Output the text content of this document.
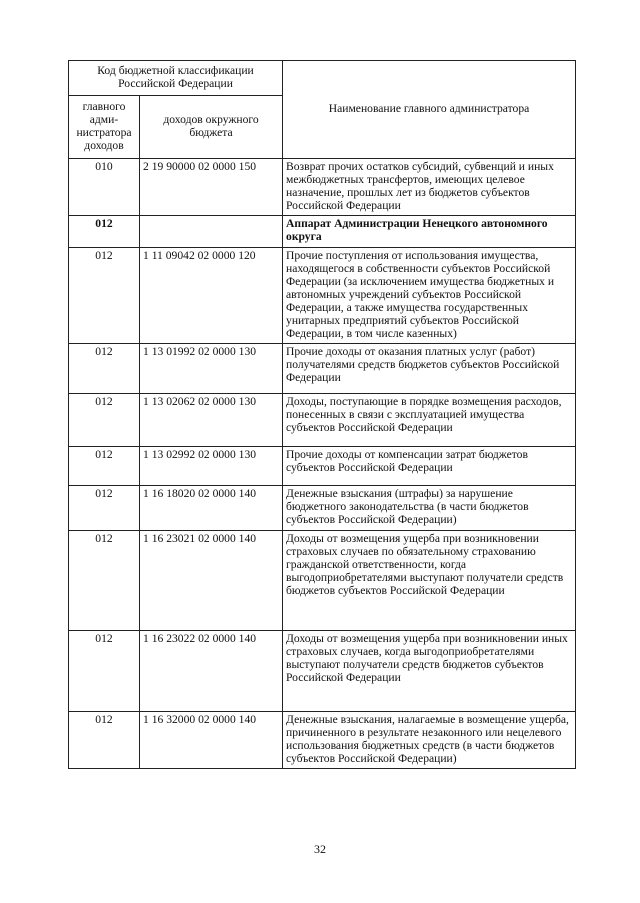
Код бюджетной классификации Российской Федерации		Наименование главного администратора
главного адми-нистратора доходов	доходов окружного бюджета	
010	2 19 90000 02 0000 150	Возврат прочих остатков субсидий, субвенций и иных межбюджетных трансфертов, имеющих целевое назначение, прошлых лет из бюджетов субъектов Российской Федерации
012		Аппарат Администрации Ненецкого автономного округа
012	1 11 09042 02 0000 120	Прочие поступления от использования имущества, находящегося в собственности субъектов Российской Федерации (за исключением имущества бюджетных и автономных учреждений субъектов Российской Федерации, а также имущества государственных унитарных предприятий субъектов Российской Федерации, в том числе казенных)
012	1 13 01992 02 0000 130	Прочие доходы от оказания платных услуг (работ) получателями средств бюджетов субъектов Российской Федерации
012	1 13 02062 02 0000 130	Доходы, поступающие в порядке возмещения расходов, понесенных в связи с эксплуатацией имущества субъектов Российской Федерации
012	1 13 02992 02 0000 130	Прочие доходы от компенсации затрат бюджетов субъектов Российской Федерации
012	1 16 18020 02 0000 140	Денежные взыскания (штрафы) за нарушение бюджетного законодательства (в части бюджетов субъектов Российской Федерации)
012	1 16 23021 02 0000 140	Доходы от возмещения ущерба при возникновении страховых случаев по обязательному страхованию гражданской ответственности, когда выгодоприобретателями выступают получатели средств бюджетов субъектов Российской Федерации
012	1 16 23022 02 0000 140	Доходы от возмещения ущерба при возникновении иных страховых случаев, когда выгодоприобретателями выступают получатели средств бюджетов субъектов Российской Федерации
012	1 16 32000 02 0000 140	Денежные взыскания, налагаемые в возмещение ущерба, причиненного в результате незаконного или нецелевого использования бюджетных средств (в части бюджетов субъектов Российской Федерации)
32
